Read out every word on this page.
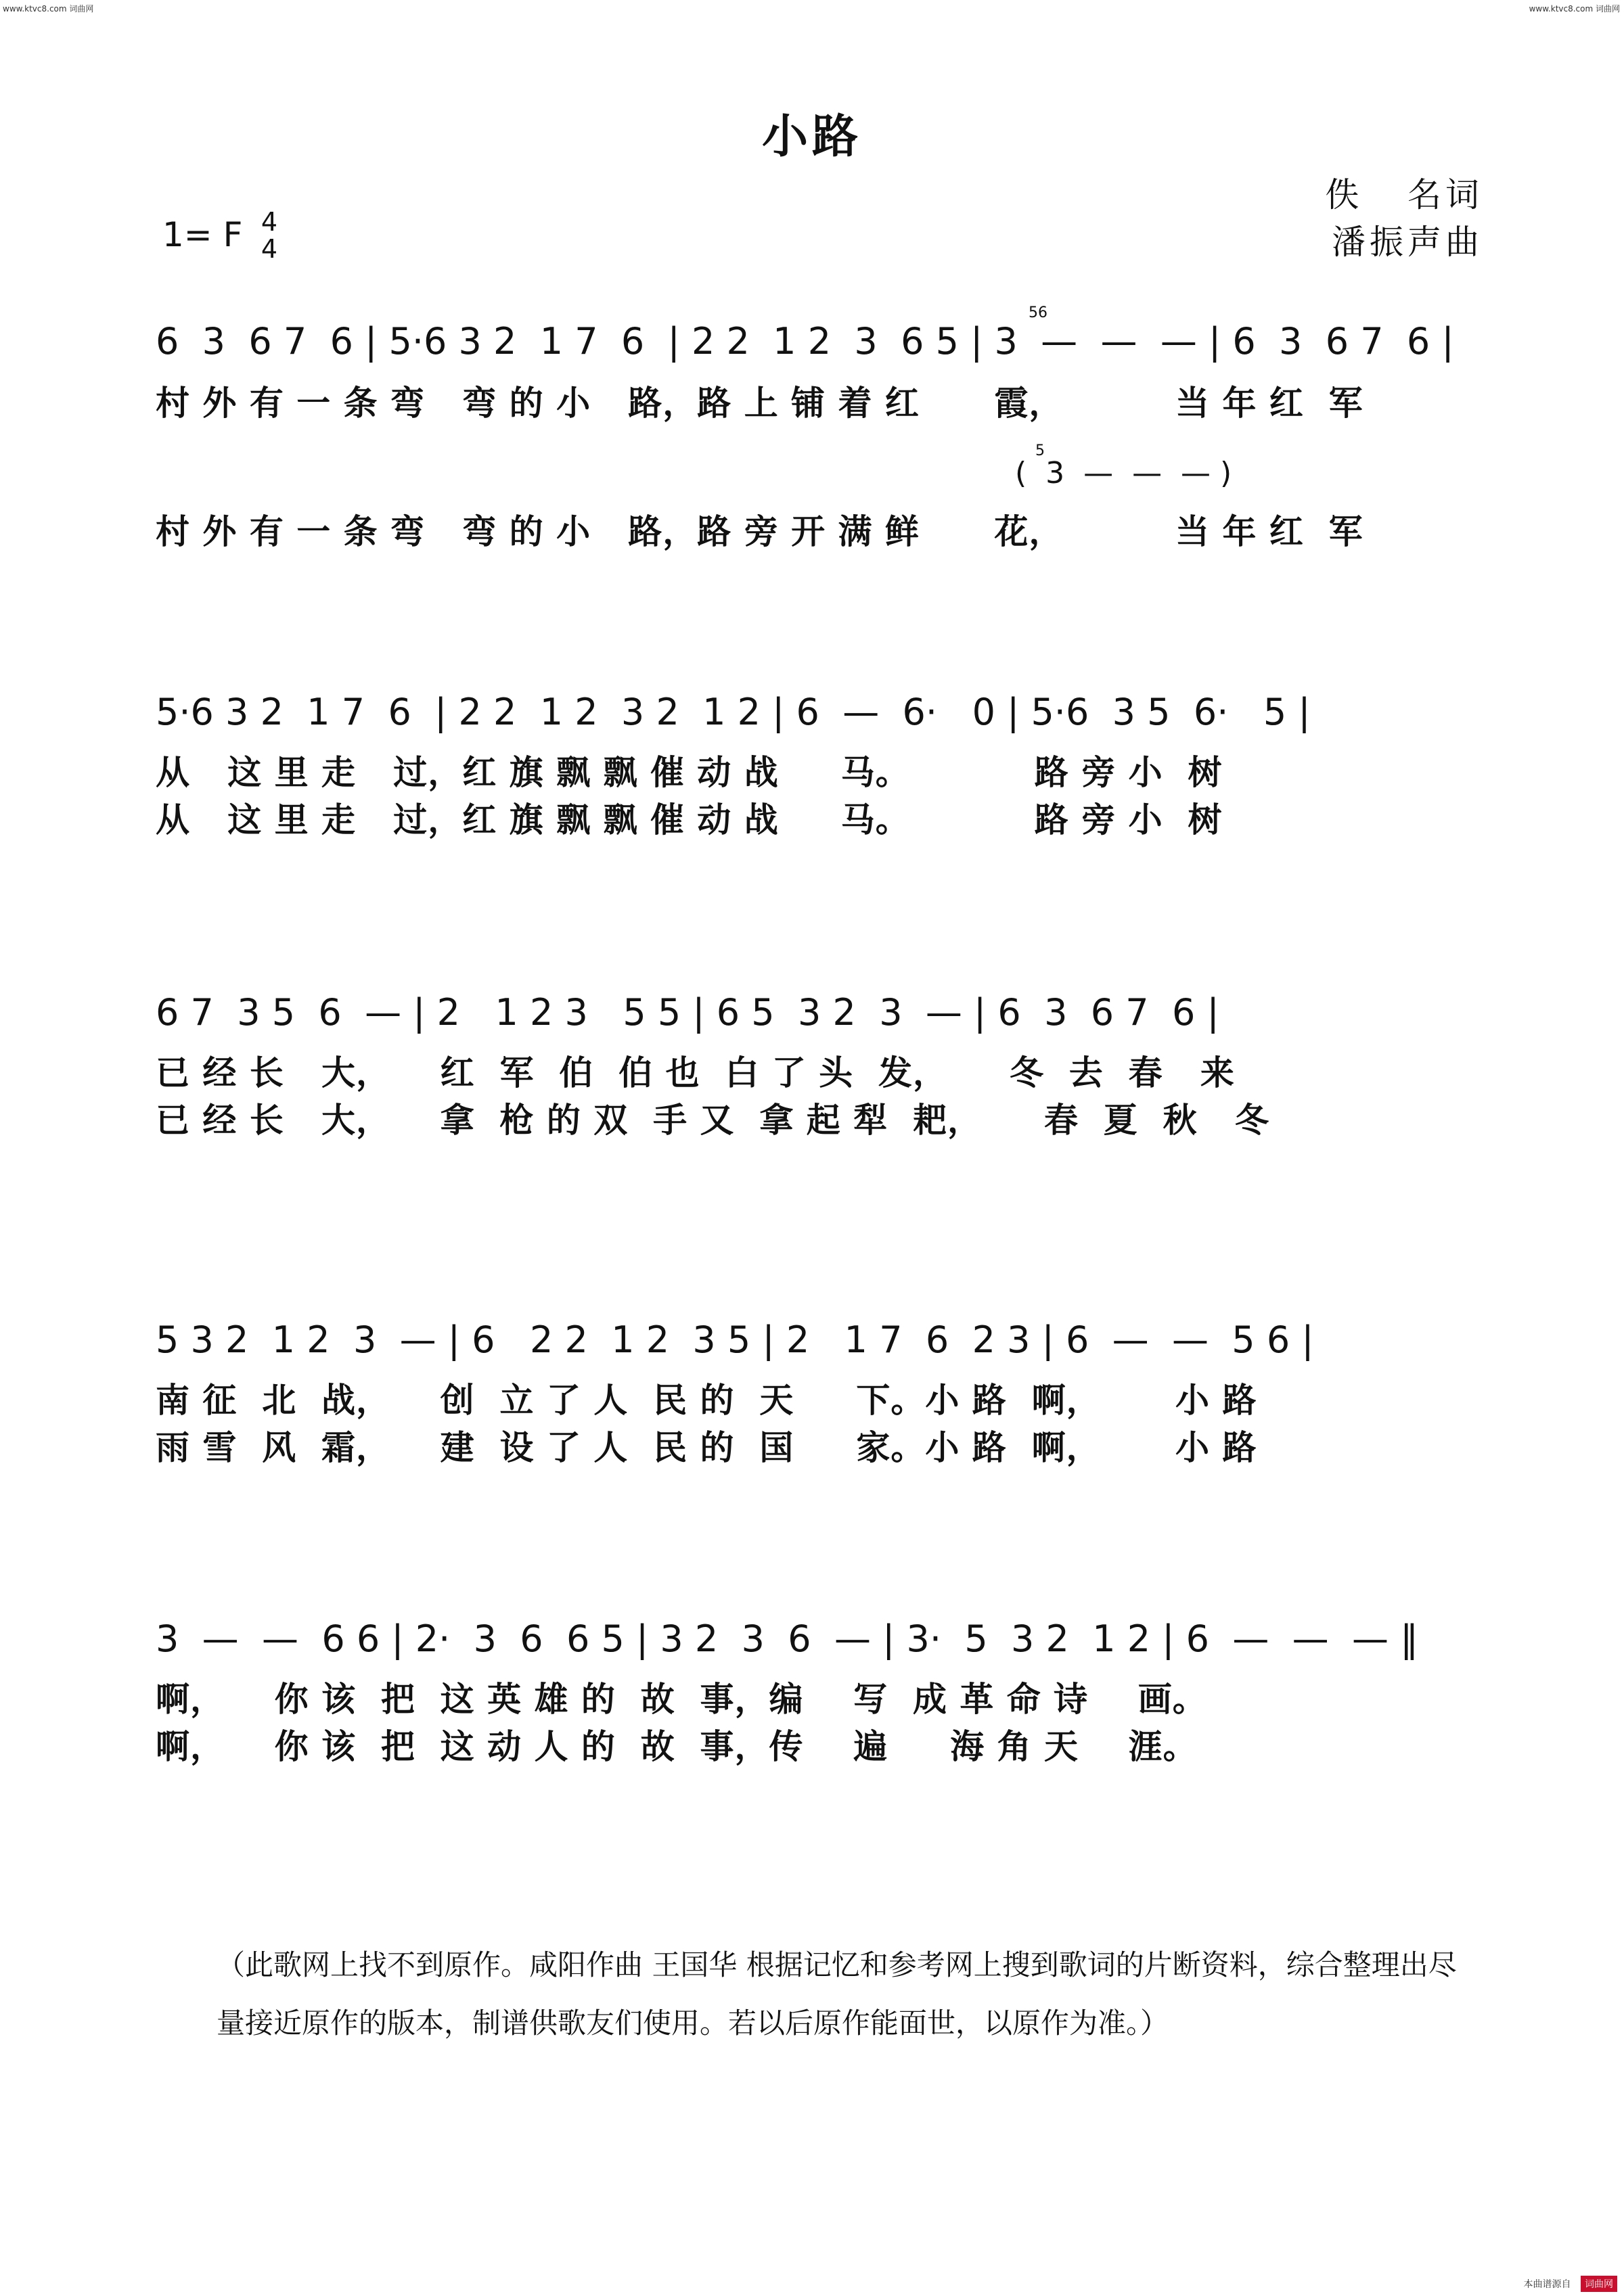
www.ktvc8.com 词曲网	www.ktvc8.com 词曲网
小路
1= F 4
4
佚   名词
潘振声曲
6  3  6 7  6 | 5·6 3 2  1 7  6  | 2 2  1 2  3  6 5 | 3  —  —  — | 6  3  6 7  6 |
56
村 外 有 一 条 弯   弯 的 小   路，路 上 铺 着 红      霞，         当 年 红  军
(  3  —  —  — )
5
村 外 有 一 条 弯   弯 的 小   路，路 旁 开 满 鲜      花，         当 年 红  军
5·6 3 2  1 7  6  | 2 2  1 2  3 2  1 2 | 6  —  6·   0 | 5·6  3 5  6·   5 |
从   这 里 走   过，红 旗 飘 飘 催 动 战     马。          路 旁 小  树
从   这 里 走   过，红 旗 飘 飘 催 动 战     马。          路 旁 小  树
6 7  3 5  6  — | 2   1 2 3   5 5 | 6 5  3 2  3  — | 6  3  6 7  6 |
已 经 长   大，    红  军  伯  伯 也  白 了 头  发，     冬  去  春   来
已 经 长   大，    拿  枪 的 双  手 又  拿 起 犁  耙，     春  夏  秋   冬
5 3 2  1 2  3  — | 6   2 2  1 2  3 5 | 2   1 7  6  2 3 | 6  —  —  5 6 |
南 征  北  战，    创  立 了 人  民 的  天     下。小 路  啊，      小 路
雨 雪  风  霜，    建  设 了 人  民 的  国     家。小 路  啊，      小 路
3  —  —  6 6 | 2·  3  6  6 5 | 3 2  3  6  — | 3·  5  3 2  1 2 | 6  —  —  — ‖
啊，    你 该  把  这 英 雄 的  故  事，编    写  成 革 命 诗    画。
啊，    你 该  把  这 动 人 的  故  事，传    遍     海 角 天    涯。
（此歌网上找不到原作。咸阳作曲 王国华 根据记忆和参考网上搜到歌词的片断资料，综合整理出尽量接近原作的版本，制谱供歌友们使用。若以后原作能面世，以原作为准。）
本曲谱源自 词曲网
